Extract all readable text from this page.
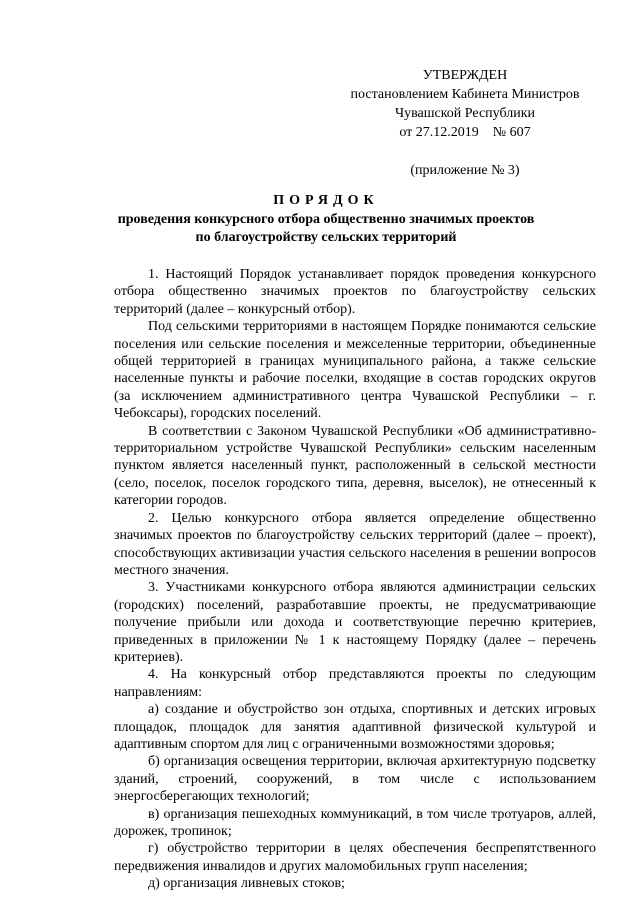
УТВЕРЖДЕН
постановлением Кабинета Министров
Чувашской Республики
от 27.12.2019    № 607
(приложение № 3)
ПОРЯДОК
проведения конкурсного отбора общественно значимых проектов
по благоустройству сельских территорий

1. Настоящий Порядок устанавливает порядок проведения конкурсного отбора общественно значимых проектов по благоустройству сельских территорий (далее – конкурсный отбор).

Под сельскими территориями в настоящем Порядке понимаются сельские поселения или сельские поселения и межселенные территории, объединенные общей территорией в границах муниципального района, а также сельские населенные пункты и рабочие поселки, входящие в состав городских округов (за исключением административного центра Чувашской Республики – г. Чебоксары), городских поселений.

В соответствии с Законом Чувашской Республики «Об административно-территориальном устройстве Чувашской Республики» сельским населенным пунктом является населенный пункт, расположенный в сельской местности (село, поселок, поселок городского типа, деревня, выселок), не отнесенный к категории городов.

2. Целью конкурсного отбора является определение общественно значимых проектов по благоустройству сельских территорий (далее – проект), способствующих активизации участия сельского населения в решении вопросов местного значения.

3. Участниками конкурсного отбора являются администрации сельских (городских) поселений, разработавшие проекты, не предусматривающие получение прибыли или дохода и соответствующие перечню критериев, приведенных в приложении № 1 к настоящему Порядку (далее – перечень критериев).

4. На конкурсный отбор представляются проекты по следующим направлениям:

а) создание и обустройство зон отдыха, спортивных и детских игровых площадок, площадок для занятия адаптивной физической культурой и адаптивным спортом для лиц с ограниченными возможностями здоровья;

б) организация освещения территории, включая архитектурную подсветку зданий, строений, сооружений, в том числе с использованием энергосберегающих технологий;

в) организация пешеходных коммуникаций, в том числе тротуаров, аллей, дорожек, тропинок;

г) обустройство территории в целях обеспечения беспрепятственного передвижения инвалидов и других маломобильных групп населения;

д) организация ливневых стоков;
